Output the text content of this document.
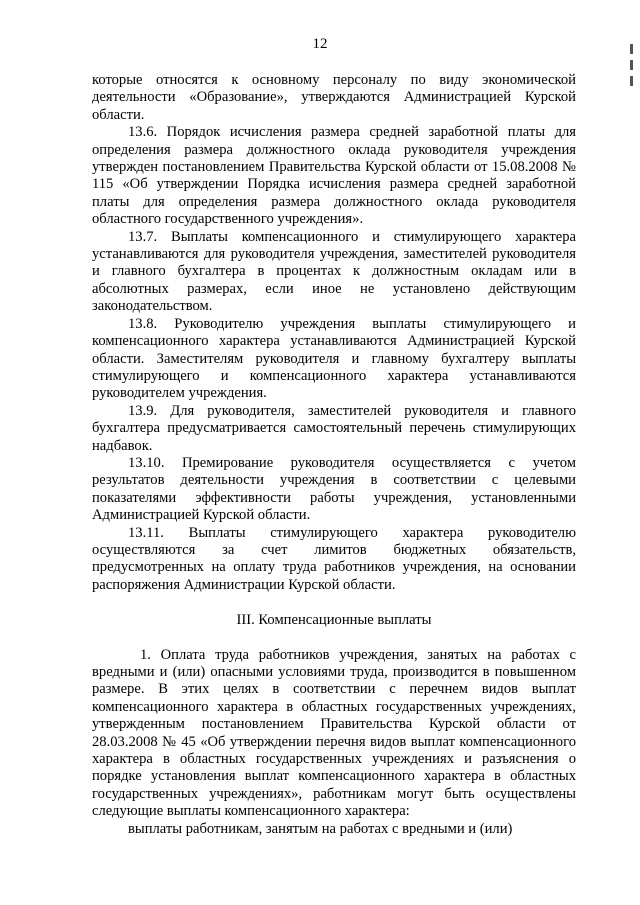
12

которые относятся к основному персоналу по виду экономической деятельности «Образование», утверждаются Администрацией Курской области.

13.6. Порядок исчисления размера средней заработной платы для определения размера должностного оклада руководителя учреждения утвержден постановлением Правительства Курской области от 15.08.2008 № 115 «Об утверждении Порядка исчисления размера средней заработной платы для определения размера должностного оклада руководителя областного государственного учреждения».

13.7. Выплаты компенсационного и стимулирующего характера устанавливаются для руководителя учреждения, заместителей руководителя и главного бухгалтера в процентах к должностным окладам или в абсолютных размерах, если иное не установлено действующим законодательством.

13.8. Руководителю учреждения выплаты стимулирующего и компенсационного характера устанавливаются Администрацией Курской области. Заместителям руководителя и главному бухгалтеру выплаты стимулирующего и компенсационного характера устанавливаются руководителем учреждения.

13.9. Для руководителя, заместителей руководителя и главного бухгалтера предусматривается самостоятельный перечень стимулирующих надбавок.

13.10. Премирование руководителя осуществляется с учетом результатов деятельности учреждения в соответствии с целевыми показателями эффективности работы учреждения, установленными Администрацией Курской области.

13.11. Выплаты стимулирующего характера руководителю осуществляются за счет лимитов бюджетных обязательств, предусмотренных на оплату труда работников учреждения, на основании распоряжения Администрации Курской области.

III. Компенсационные выплаты

1. Оплата труда работников учреждения, занятых на работах с вредными и (или) опасными условиями труда, производится в повышенном размере. В этих целях в соответствии с перечнем видов выплат компенсационного характера в областных государственных учреждениях, утвержденным постановлением Правительства Курской области от 28.03.2008 № 45 «Об утверждении перечня видов выплат компенсационного характера в областных государственных учреждениях и разъяснения о порядке установления выплат компенсационного характера в областных государственных учреждениях», работникам могут быть осуществлены следующие выплаты компенсационного характера:

выплаты работникам, занятым на работах с вредными и (или)
